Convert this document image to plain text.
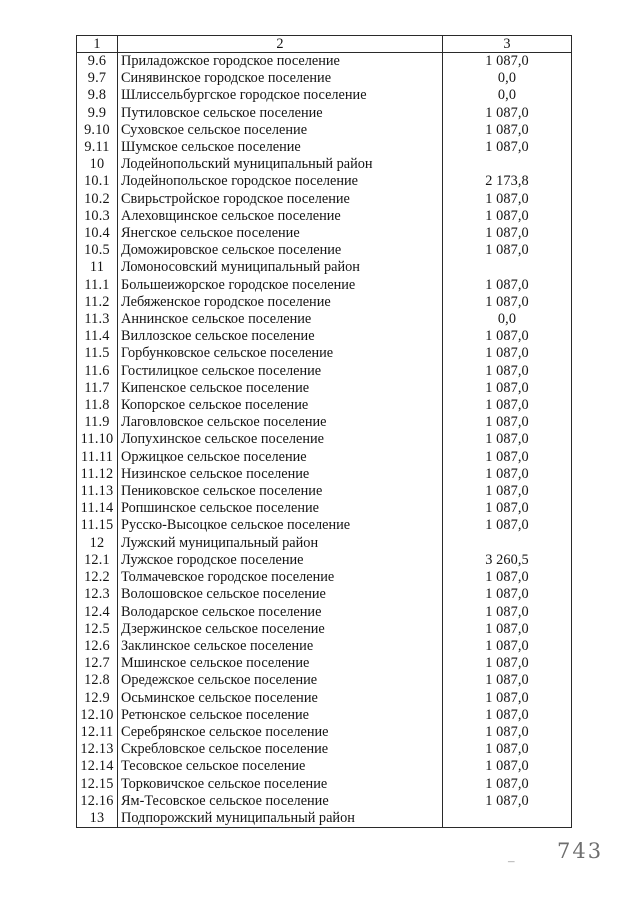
1	2	3
9.6	Приладожское городское поселение	1 087,0
9.7	Синявинское городское поселение	0,0
9.8	Шлиссельбургское городское поселение	0,0
9.9	Путиловское сельское поселение	1 087,0
9.10	Суховское сельское поселение	1 087,0
9.11	Шумское сельское поселение	1 087,0
10	Лодейнопольский муниципальный район	
10.1	Лодейнопольское городское поселение	2 173,8
10.2	Свирьстройское городское поселение	1 087,0
10.3	Алеховщинское сельское поселение	1 087,0
10.4	Янегское сельское поселение	1 087,0
10.5	Доможировское сельское поселение	1 087,0
11	Ломоносовский муниципальный район	
11.1	Большеижорское городское поселение	1 087,0
11.2	Лебяженское городское поселение	1 087,0
11.3	Аннинское сельское поселение	0,0
11.4	Виллозское сельское поселение	1 087,0
11.5	Горбунковское сельское поселение	1 087,0
11.6	Гостилицкое сельское поселение	1 087,0
11.7	Кипенское сельское поселение	1 087,0
11.8	Копорское сельское поселение	1 087,0
11.9	Лаговловское сельское поселение	1 087,0
11.10	Лопухинское сельское поселение	1 087,0
11.11	Оржицкое сельское поселение	1 087,0
11.12	Низинское сельское поселение	1 087,0
11.13	Пениковское сельское поселение	1 087,0
11.14	Ропшинское сельское поселение	1 087,0
11.15	Русско-Высоцкое сельское поселение	1 087,0
12	Лужский муниципальный район	
12.1	Лужское городское поселение	3 260,5
12.2	Толмачевское городское поселение	1 087,0
12.3	Волошовское сельское поселение	1 087,0
12.4	Володарское сельское поселение	1 087,0
12.5	Дзержинское сельское поселение	1 087,0
12.6	Заклинское сельское поселение	1 087,0
12.7	Мшинское сельское поселение	1 087,0
12.8	Оредежское сельское поселение	1 087,0
12.9	Осьминское сельское поселение	1 087,0
12.10	Ретюнское сельское поселение	1 087,0
12.11	Серебрянское сельское поселение	1 087,0
12.13	Скребловское сельское поселение	1 087,0
12.14	Тесовское сельское поселение	1 087,0
12.15	Торковичское сельское поселение	1 087,0
12.16	Ям-Тесовское сельское поселение	1 087,0
13	Подпорожский муниципальный район	
– 743
